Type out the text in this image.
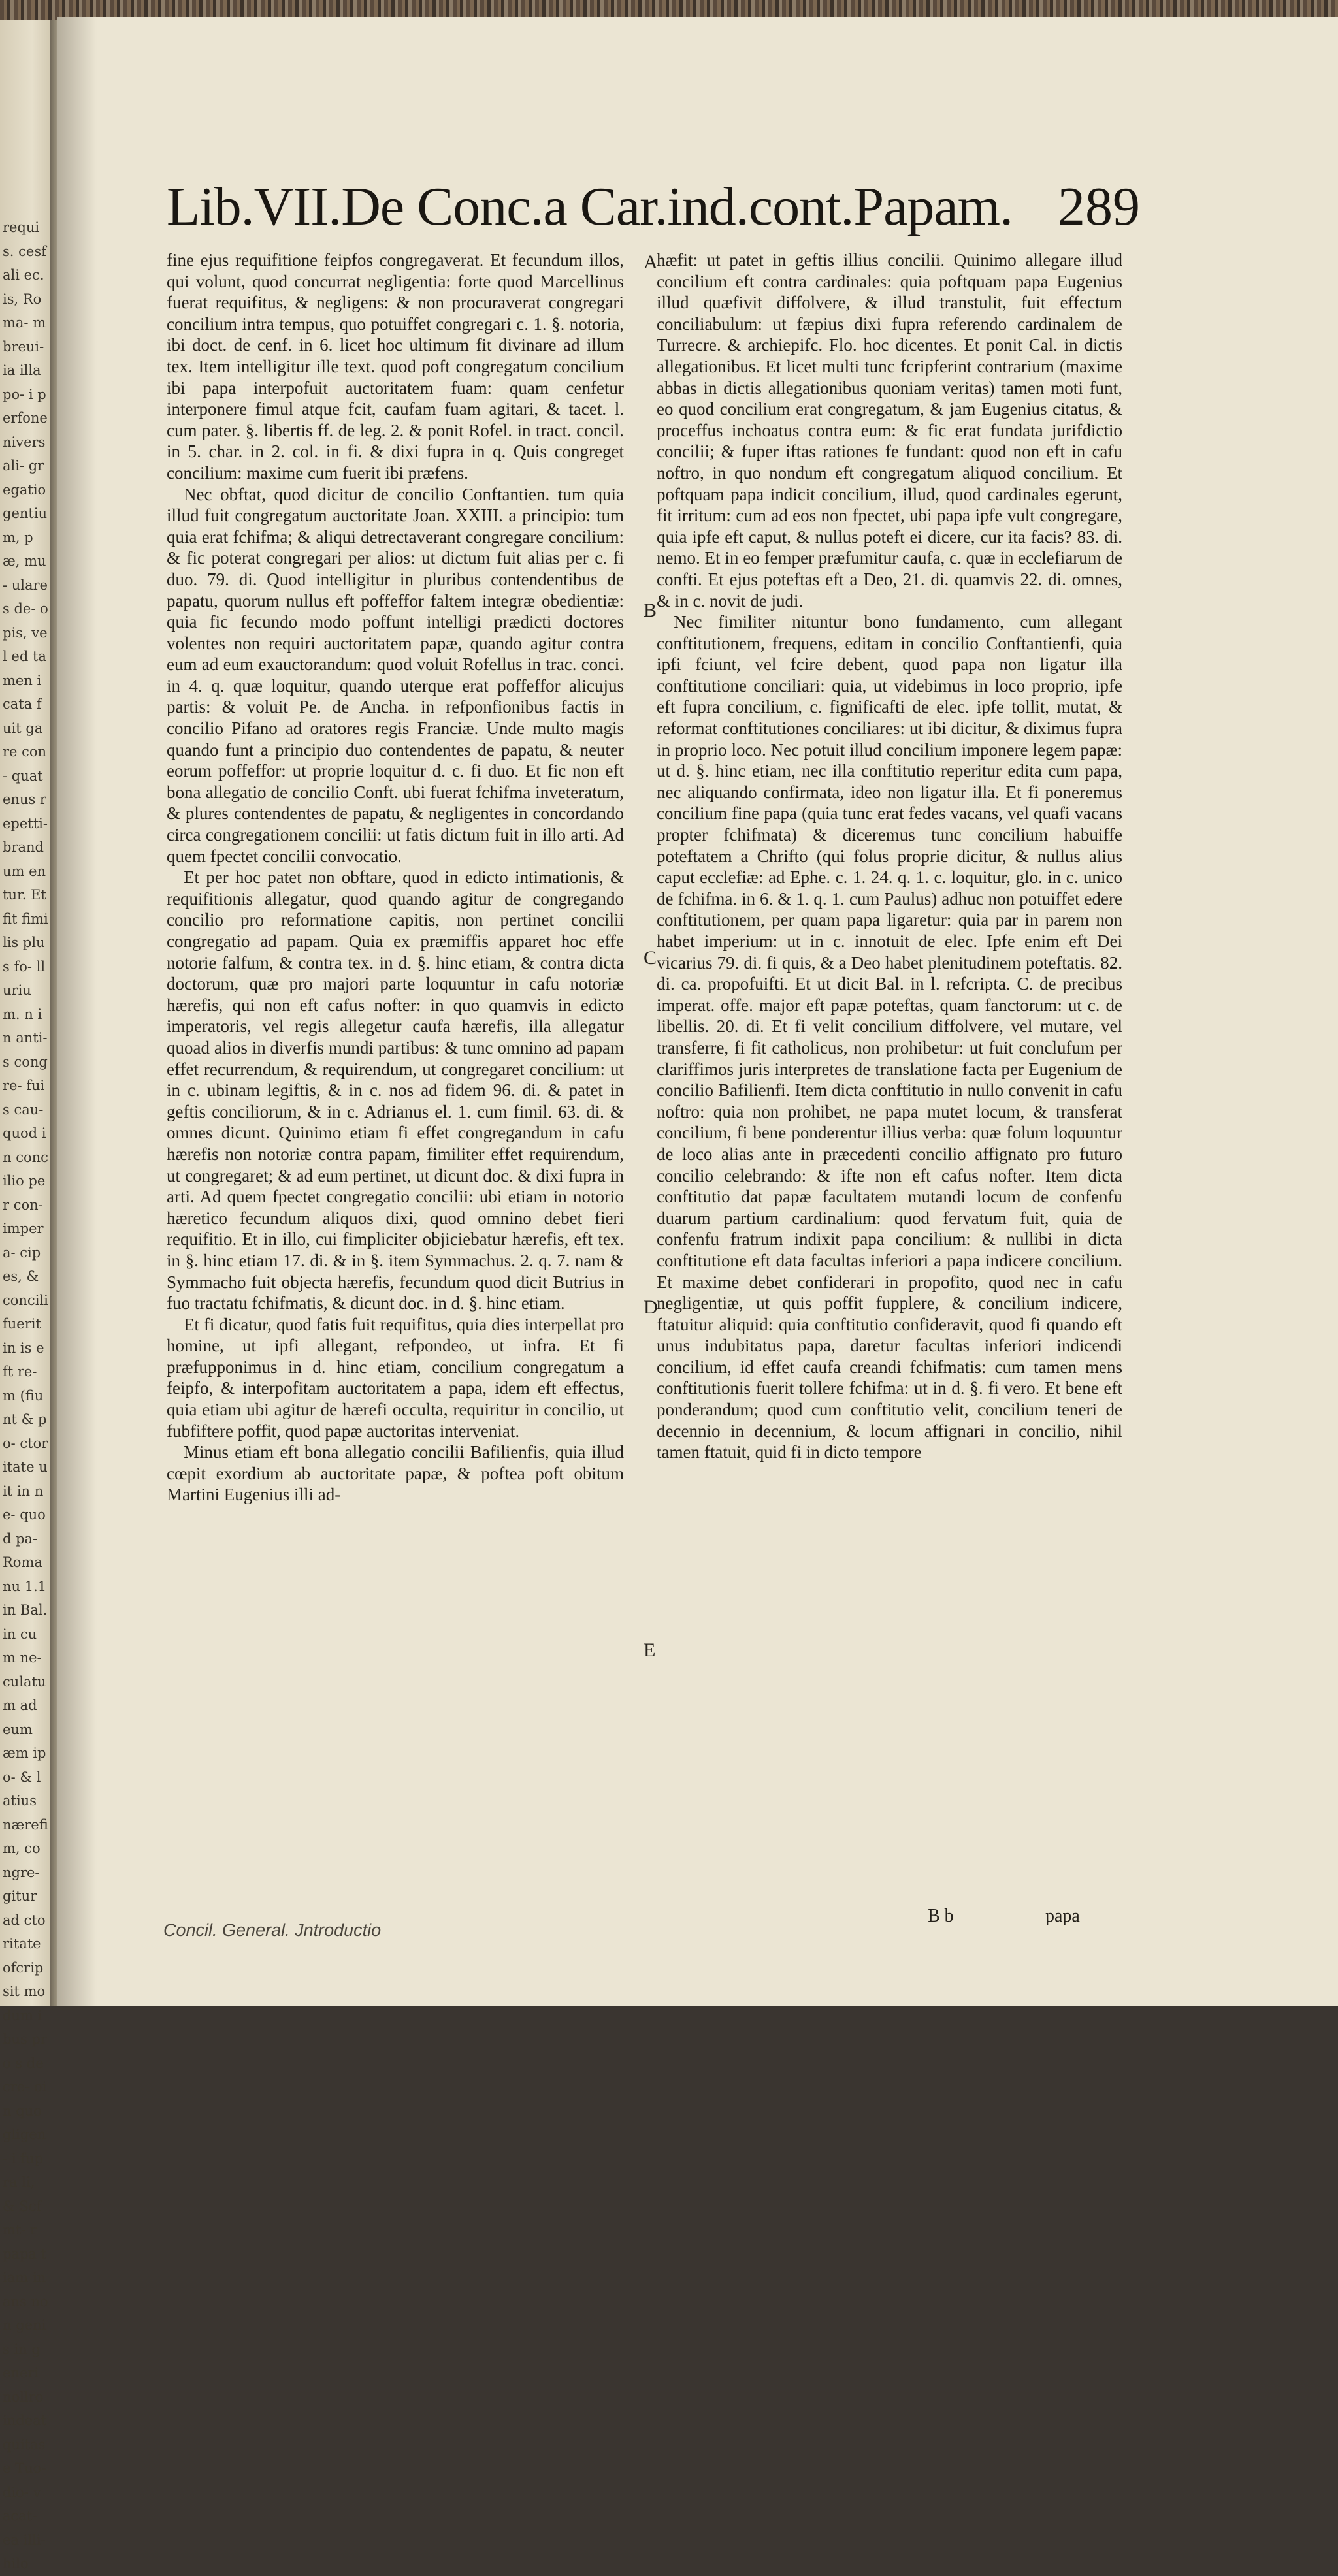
requis. cesfali ec. is, Roma- m breui- ia illa po- i perfone niversali- gregatio gentium, pæ, mu- ulares de- opis, vel ed tamen icata fuit gare con- quatenus repetti- brandum entur. Et fit fimilis plus fo- llurium. n in anti- s congre- fuis cau- quod in concilio per con- impera- cipes, & concili fuerit in is eft re- m (fiunt & po- ctoritate uit in ne- quod pa- Romanu 1.1 in Bal.in cum ne- culatum ad eum æm ipo- & latius nærefim, congre- gitur ad ctoritate ofcripsit modum ibus pro s decre- oin quo gligen- i fupra li, & Scfmt- r papa tiam in ans non genis in generi nollro indeat quitas e Tuo- dio- vacat- ea illi- hilo
Lib.VII.De Conc.a Car.ind.cont.Papam. 289

fine ejus requifitione feipfos congregaverat. Et fecundum illos, qui volunt, quod concurrat negligentia: forte quod Marcellinus fuerat requifitus, & negligens: & non procuraverat congregari concilium intra tempus, quo potuiffet congregari c. 1. §. notoria, ibi doct. de cenf. in 6. licet hoc ultimum fit divinare ad illum tex. Item intelligitur ille text. quod poft congregatum concilium ibi papa interpofuit auctoritatem fuam: quam cenfetur interponere fimul atque fcit, caufam fuam agitari, & tacet. l. cum pater. §. libertis ff. de leg. 2. & ponit Rofel. in tract. concil. in 5. char. in 2. col. in fi. & dixi fupra in q. Quis congreget concilium: maxime cum fuerit ibi præfens.

Nec obftat, quod dicitur de concilio Conftantien. tum quia illud fuit congregatum auctoritate Joan. XXIII. a principio: tum quia erat fchifma; & aliqui detrectaverant congregare concilium: & fic poterat congregari per alios: ut dictum fuit alias per c. fi duo. 79. di. Quod intelligitur in pluribus contendentibus de papatu, quorum nullus eft poffeffor faltem integræ obedientiæ: quia fic fecundo modo poffunt intelligi prædicti doctores volentes non requiri auctoritatem papæ, quando agitur contra eum ad eum exauctorandum: quod voluit Rofellus in trac. conci. in 4. q. quæ loquitur, quando uterque erat poffeffor alicujus partis: & voluit Pe. de Ancha. in refponfionibus factis in concilio Pifano ad oratores regis Franciæ. Unde multo magis quando funt a principio duo contendentes de papatu, & neuter eorum poffeffor: ut proprie loquitur d. c. fi duo. Et fic non eft bona allegatio de concilio Conft. ubi fuerat fchifma inveteratum, & plures contendentes de papatu, & negligentes in concordando circa congregationem concilii: ut fatis dictum fuit in illo arti. Ad quem fpectet concilii convocatio.

Et per hoc patet non obftare, quod in edicto intimationis, & requifitionis allegatur, quod quando agitur de congregando concilio pro reformatione capitis, non pertinet concilii congregatio ad papam. Quia ex præmiffis apparet hoc effe notorie falfum, & contra tex. in d. §. hinc etiam, & contra dicta doctorum, quæ pro majori parte loquuntur in cafu notoriæ hærefis, qui non eft cafus nofter: in quo quamvis in edicto imperatoris, vel regis allegetur caufa hærefis, illa allegatur quoad alios in diverfis mundi partibus: & tunc omnino ad papam effet recurrendum, & requirendum, ut congregaret concilium: ut in c. ubinam legiftis, & in c. nos ad fidem 96. di. & patet in geftis conciliorum, & in c. Adrianus el. 1. cum fimil. 63. di. & omnes dicunt. Quinimo etiam fi effet congregandum in cafu hærefis non notoriæ contra papam, fimiliter effet requirendum, ut congregaret; & ad eum pertinet, ut dicunt doc. & dixi fupra in arti. Ad quem fpectet congregatio concilii: ubi etiam in notorio hæretico fecundum aliquos dixi, quod omnino debet fieri requifitio. Et in illo, cui fimpliciter objiciebatur hærefis, eft tex. in §. hinc etiam 17. di. & in §. item Symmachus. 2. q. 7. nam & Symmacho fuit objecta hærefis, fecundum quod dicit Butrius in fuo tractatu fchifmatis, & dicunt doc. in d. §. hinc etiam.

Et fi dicatur, quod fatis fuit requifitus, quia dies interpellat pro homine, ut ipfi allegant, refpondeo, ut infra. Et fi præfupponimus in d. hinc etiam, concilium congregatum a feipfo, & interpofitam auctoritatem a papa, idem eft effectus, quia etiam ubi agitur de hærefi occulta, requiritur in concilio, ut fubfiftere poffit, quod papæ auctoritas interveniat.

Minus etiam eft bona allegatio concilii Bafilienfis, quia illud cœpit exordium ab auctoritate papæ, & poftea poft obitum Martini Eugenius illi ad-

A
B
C
D
E

hæfit: ut patet in geftis illius concilii. Quinimo allegare illud concilium eft contra cardinales: quia poftquam papa Eugenius illud quæfivit diffolvere, & illud transtulit, fuit effectum conciliabulum: ut fæpius dixi fupra referendo cardinalem de Turrecre. & archiepifc. Flo. hoc dicentes. Et ponit Cal. in dictis allegationibus. Et licet multi tunc fcripferint contrarium (maxime abbas in dictis allegationibus quoniam veritas) tamen moti funt, eo quod concilium erat congregatum, & jam Eugenius citatus, & proceffus inchoatus contra eum: & fic erat fundata jurifdictio concilii; & fuper iftas rationes fe fundant: quod non eft in cafu noftro, in quo nondum eft congregatum aliquod concilium. Et poftquam papa indicit concilium, illud, quod cardinales egerunt, fit irritum: cum ad eos non fpectet, ubi papa ipfe vult congregare, quia ipfe eft caput, & nullus poteft ei dicere, cur ita facis? 83. di. nemo. Et in eo femper præfumitur caufa, c. quæ in ecclefiarum de confti. Et ejus poteftas eft a Deo, 21. di. quamvis 22. di. omnes, & in c. novit de judi.

Nec fimiliter nituntur bono fundamento, cum allegant conftitutionem, frequens, editam in concilio Conftantienfi, quia ipfi fciunt, vel fcire debent, quod papa non ligatur illa conftitutione conciliari: quia, ut videbimus in loco proprio, ipfe eft fupra concilium, c. fignificafti de elec. ipfe tollit, mutat, & reformat conftitutiones conciliares: ut ibi dicitur, & diximus fupra in proprio loco. Nec potuit illud concilium imponere legem papæ: ut d. §. hinc etiam, nec illa conftitutio reperitur edita cum papa, nec aliquando confirmata, ideo non ligatur illa. Et fi poneremus concilium fine papa (quia tunc erat fedes vacans, vel quafi vacans propter fchifmata) & diceremus tunc concilium habuiffe poteftatem a Chrifto (qui folus proprie dicitur, & nullus alius caput ecclefiæ: ad Ephe. c. 1. 24. q. 1. c. loquitur, glo. in c. unico de fchifma. in 6. & 1. q. 1. cum Paulus) adhuc non potuiffet edere conftitutionem, per quam papa ligaretur: quia par in parem non habet imperium: ut in c. innotuit de elec. Ipfe enim eft Dei vicarius 79. di. fi quis, & a Deo habet plenitudinem poteftatis. 82. di. ca. propofuifti. Et ut dicit Bal. in l. refcripta. C. de precibus imperat. offe. major eft papæ poteftas, quam fanctorum: ut c. de libellis. 20. di. Et fi velit concilium diffolvere, vel mutare, vel transferre, fi fit catholicus, non prohibetur: ut fuit conclufum per clariffimos juris interpretes de translatione facta per Eugenium de concilio Bafilienfi. Item dicta conftitutio in nullo convenit in cafu noftro: quia non prohibet, ne papa mutet locum, & transferat concilium, fi bene ponderentur illius verba: quæ folum loquuntur de loco alias ante in præcedenti concilio affignato pro futuro concilio celebrando: & ifte non eft cafus nofter. Item dicta conftitutio dat papæ facultatem mutandi locum de confenfu duarum partium cardinalium: quod fervatum fuit, quia de confenfu fratrum indixit papa concilium: & nullibi in dicta conftitutione eft data facultas inferiori a papa indicere concilium. Et maxime debet confiderari in propofito, quod nec in cafu negligentiæ, ut quis poffit fupplere, & concilium indicere, ftatuitur aliquid: quia conftitutio confideravit, quod fi quando eft unus indubitatus papa, daretur facultas inferiori indicendi concilium, id effet caufa creandi fchifmatis: cum tamen mens conftitutionis fuerit tollere fchifma: ut in d. §. fi vero. Et bene eft ponderandum; quod cum conftitutio velit, concilium teneri de decennio in decennium, & locum affignari in concilio, nihil tamen ftatuit, quid fi in dicto tempore

Concil. General. Jntroductio
B b	papa
